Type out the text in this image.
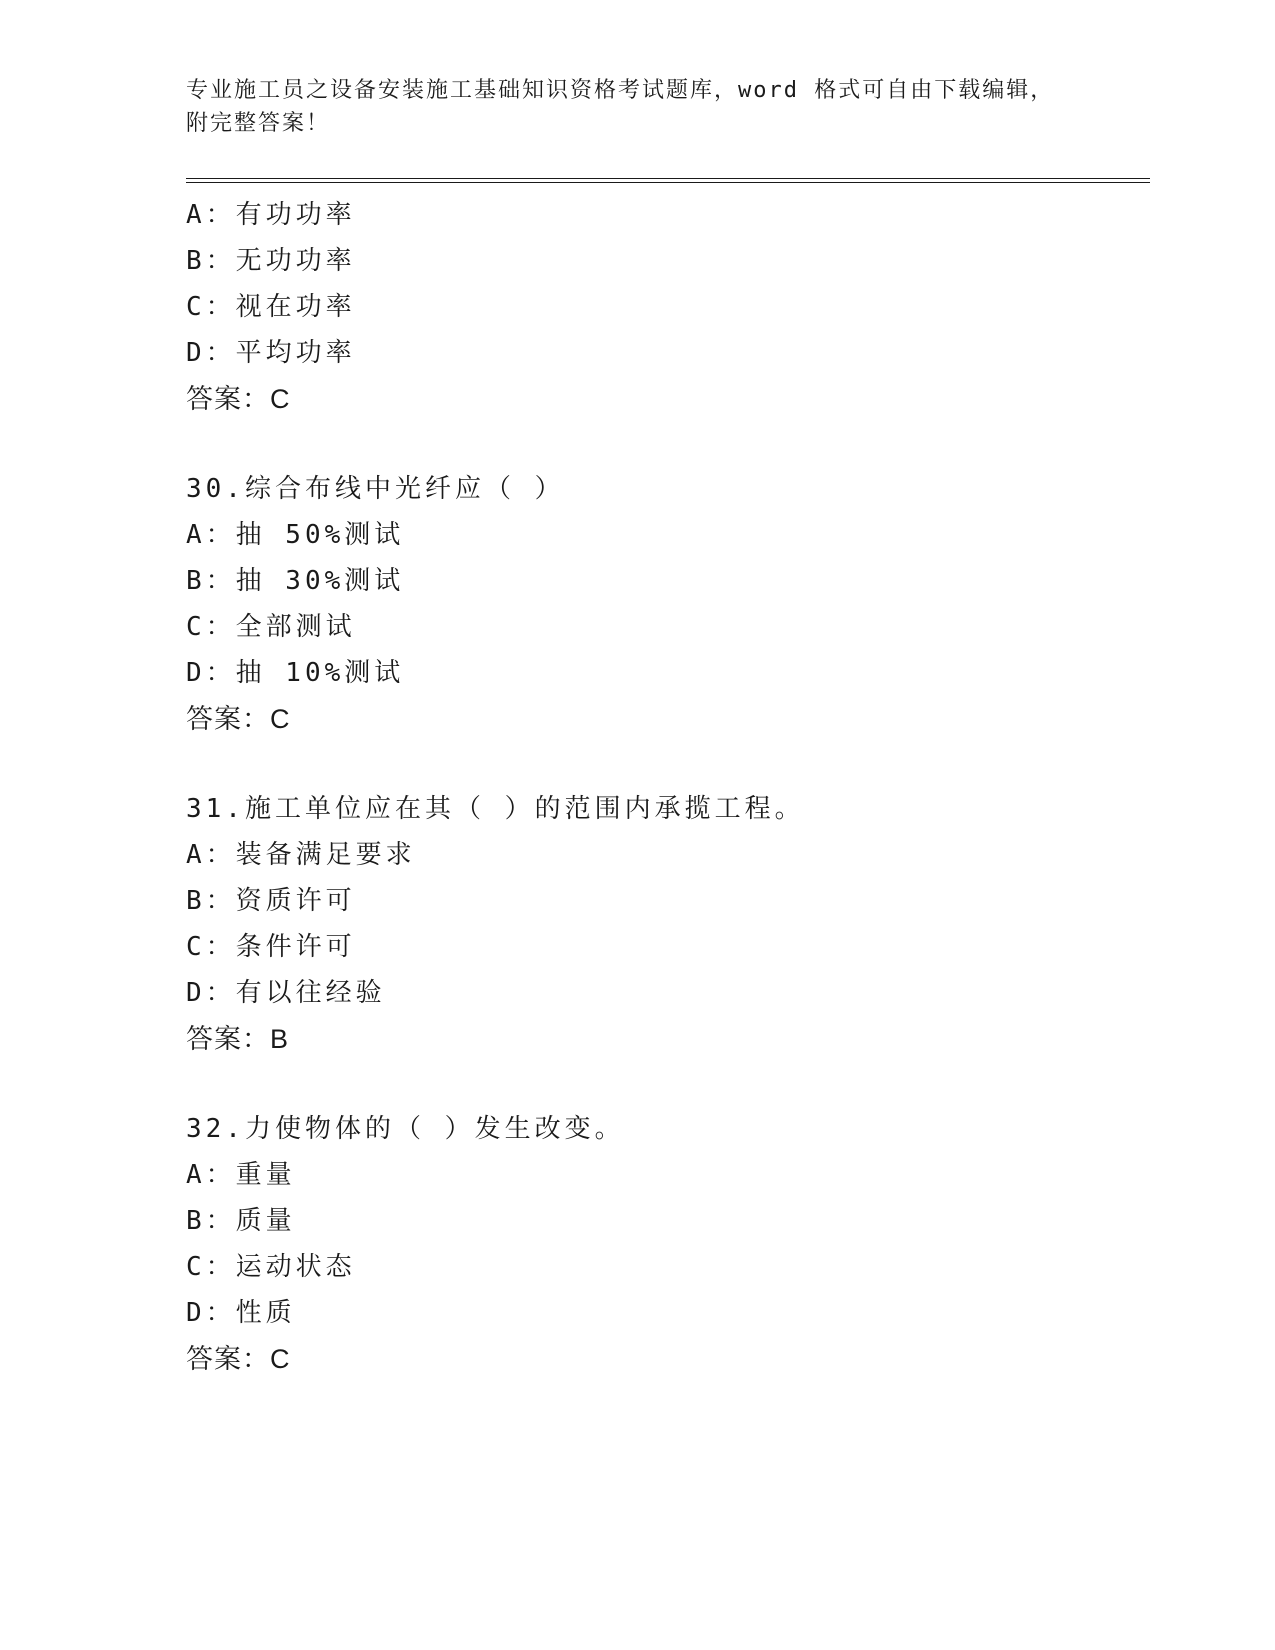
专业施工员之设备安装施工基础知识资格考试题库，word 格式可自由下载编辑，
附完整答案！
A：有功功率
B：无功功率
C：视在功率
D：平均功率
答案：C
30.综合布线中光纤应（ ）
A：抽 50%测试
B：抽 30%测试
C：全部测试
D：抽 10%测试
答案：C
31.施工单位应在其（ ）的范围内承揽工程。
A：装备满足要求
B：资质许可
C：条件许可
D：有以往经验
答案：B
32.力使物体的（ ）发生改变。
A：重量
B：质量
C：运动状态
D：性质
答案：C
